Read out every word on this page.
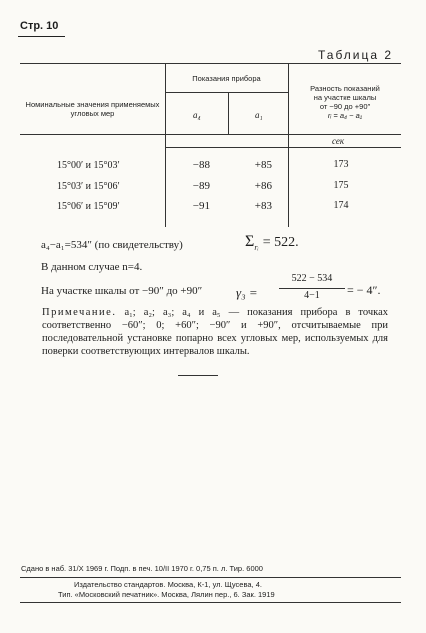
Стр. 10
Таблица 2
Номинальные значения применяемых угловых мер
Показания прибора
a₄	a₁
Разность показаний
на участке шкалы
от −90 до +90″
rᵢ = a₄ − a₁
сек
15°00′ и 15°03′	−88	+85	173
15°03′ и 15°06′	−89	+86	175
15°06′ и 15°09′	−91	+83	174
a₄−a₁=534″ (по свидетельству)	$\Sigma_{rᵢ} = 522$.
В данном случае n=4.
На участке шкалы от −90″ до +90″	γ₃ =
522 − 534
4−1	= − 4″.
Примечание. a₁; a₂; a₃; a₄ и a₅ — показания прибора в точках соответственно −60″; 0; +60″; −90″ и +90″, отсчитываемые при последовательной установке попарно всех угловых мер, используемых для поверки соответствующих интервалов шкалы.
Сдано в наб. 31/X 1969 г. Подп. в печ. 10/II 1970 г. 0,75 п. л. Тир. 6000
Издательство стандартов. Москва, К-1, ул. Щусева, 4.
Тип. «Московский печатник». Москва, Лялин пер., 6. Зак. 1919
